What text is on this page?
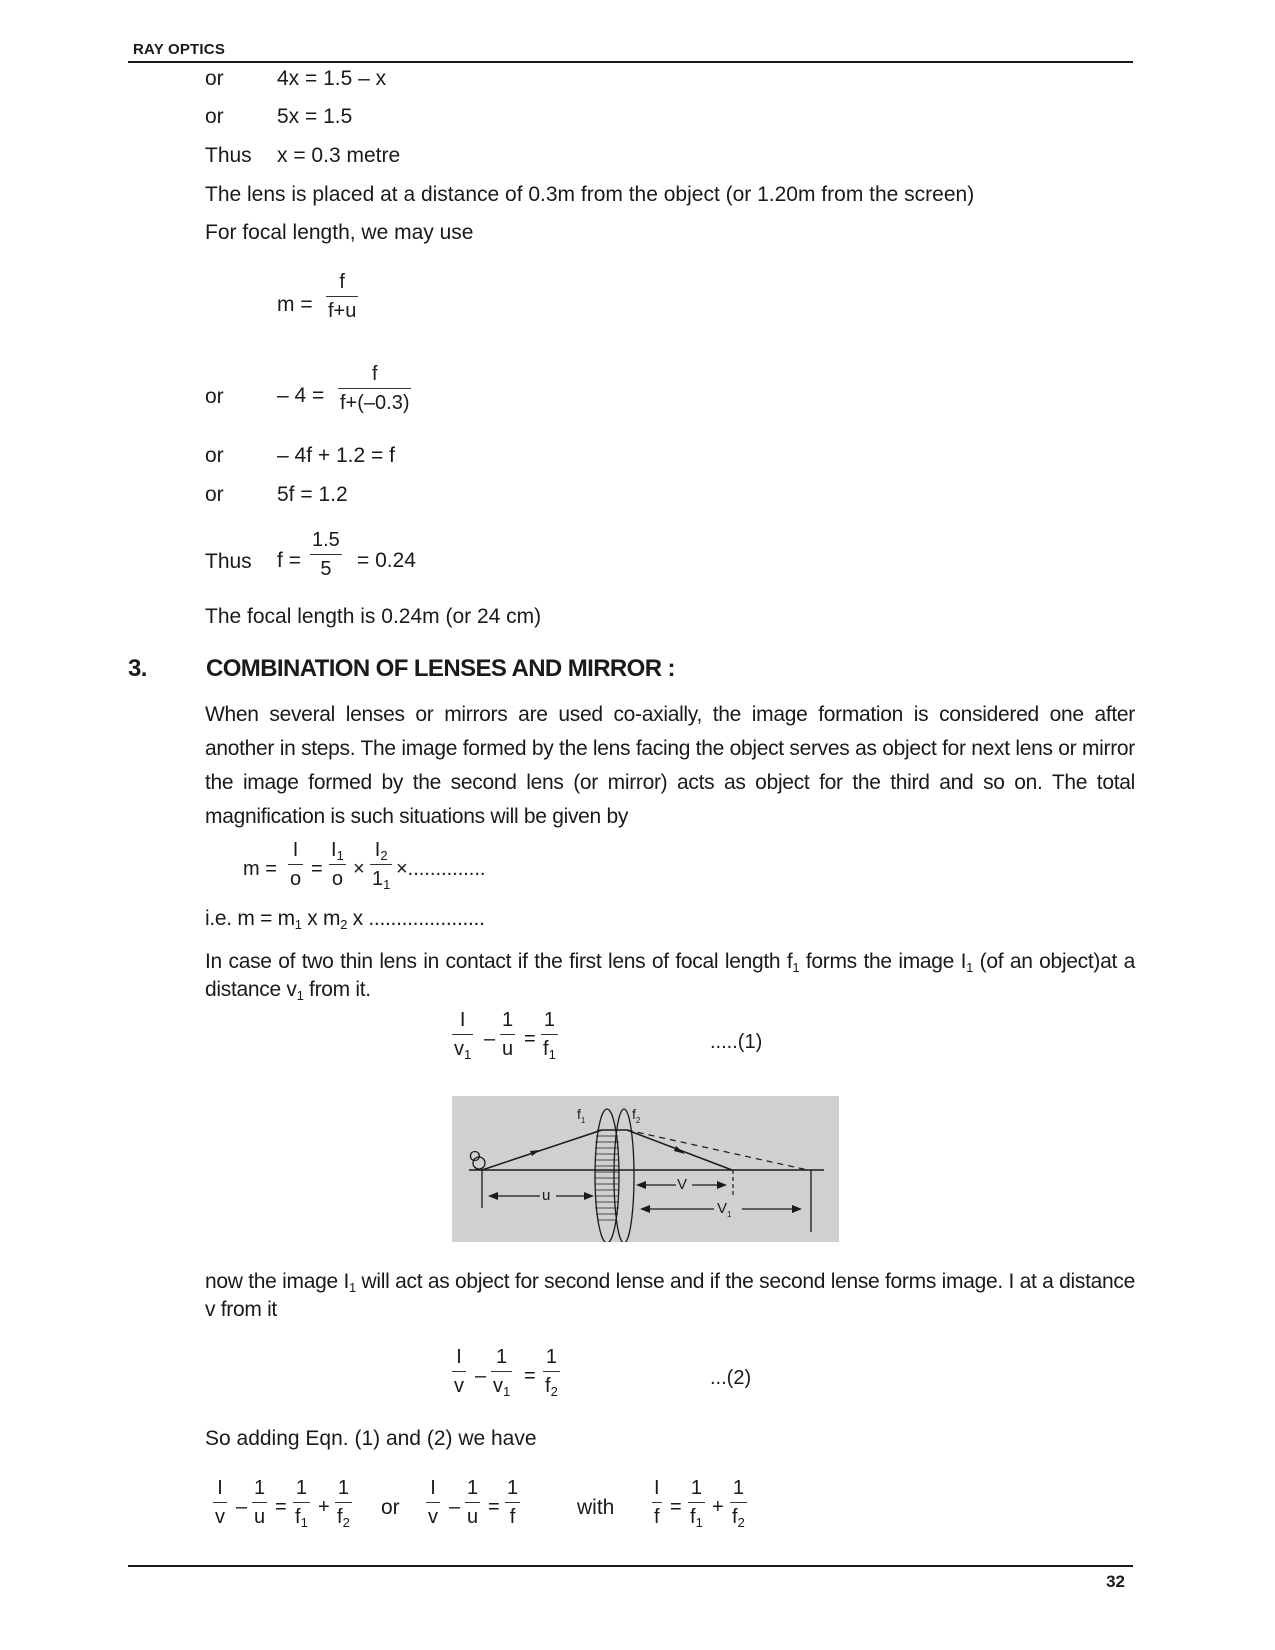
RAY OPTICS
or	4x = 1.5 – x
or	5x = 1.5
Thus x = 0.3 metre
The lens is placed at a distance of 0.3m from the object (or 1.20m from the screen)
For focal length, we may use
m =
f
f+u
or	– 4 =
f
f+(–0.3)
or	– 4f + 1.2 = f
or	5f = 1.2
Thus f =
1.5
5 = 0.24
The focal length is 0.24m (or 24 cm)
3. COMBINATION OF LENSES AND MIRROR :
When several lenses or mirrors are used co-axially, the image formation is considered one after another in steps. The image formed by the lens facing the object serves as object for next lens or mirror the image formed by the second lens (or mirror) acts as object for the third and so on. The total magnification is such situations will be given by
m =
I
o =
$I_1$
o ×
$I_2$
$1_1$
×..............
i.e. $m = m_1$ x $m_2$ x .....................
In case of two thin lens in contact if the first lens of focal length $f_1$ forms the image $I_1$ (of an object)at a distance $v_1$ from it.
I
$v_1$
–
1
u =
1
$f_1$
.....(1)
O
$f_1$	$f_2$
u
V
$V_1$
now the image $I_1$ will act as object for second lense and if the second lense forms image. I at a distance v from it
I
v –
1
$v_1$
=
1
$f_2$
...(2)
So adding Eqn. (1) and (2) we have
I
v –
1
u =
1
$f_1$
+
1
$f_2$
or
I
v –
1
u =
1
f	with
I
f =
1
$f_1$
+
1
$f_2$
32
